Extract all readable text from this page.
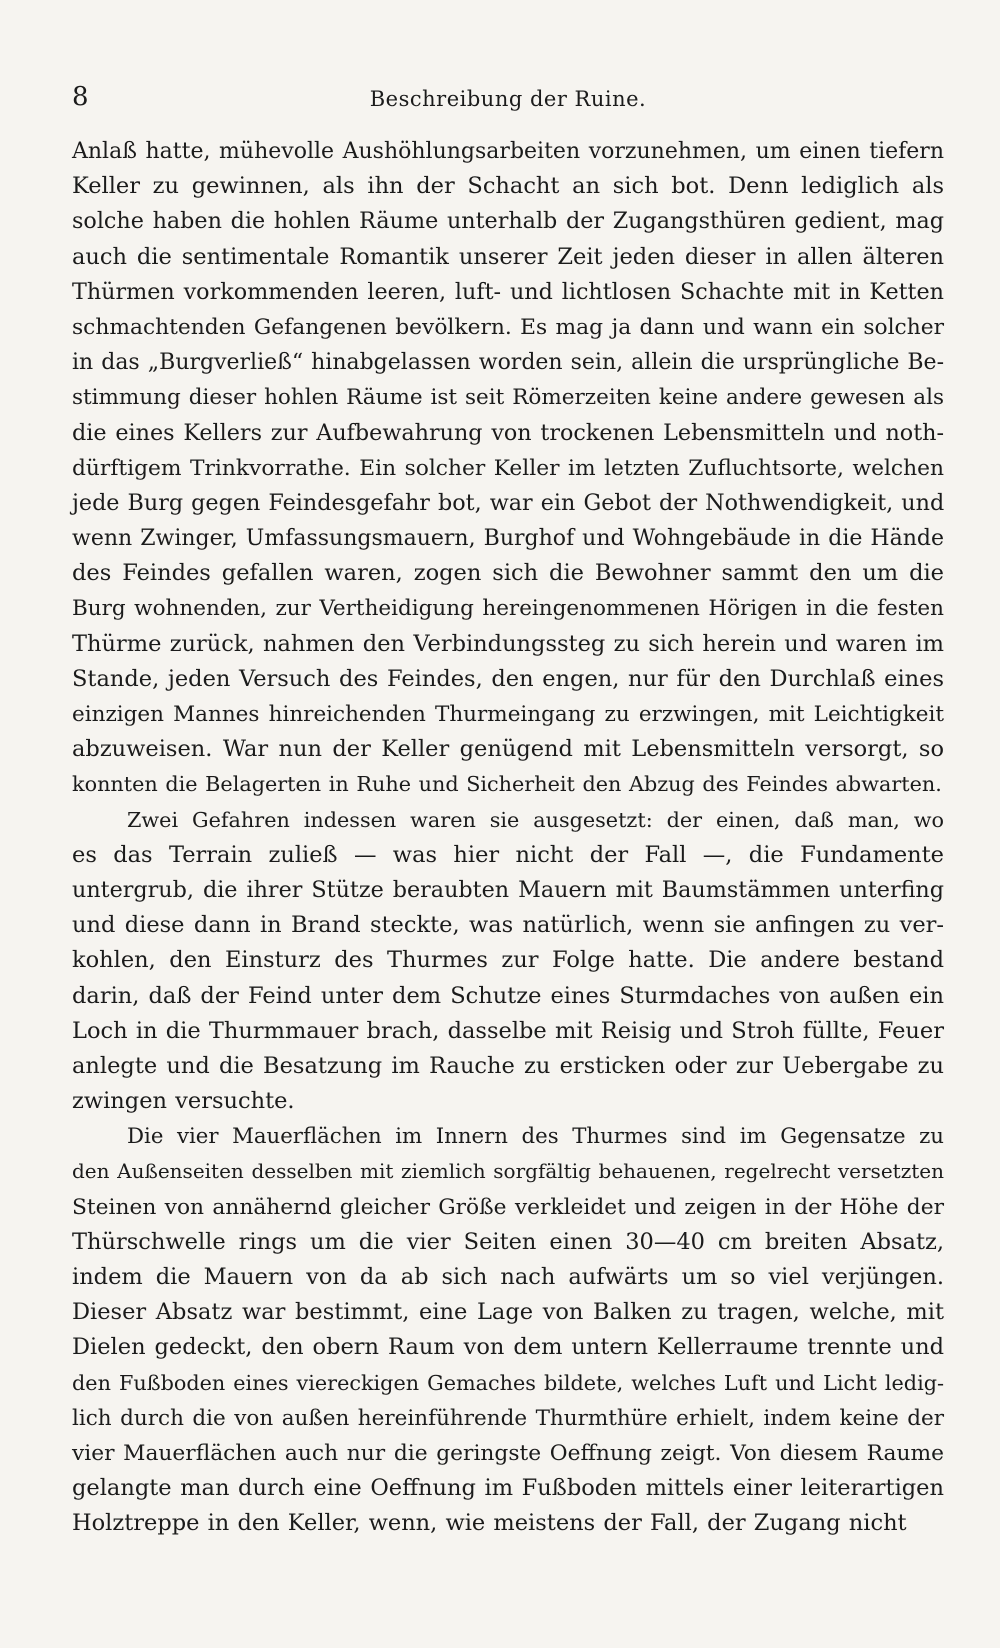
8	Beschreibung der Ruine.
Anlaß hatte, mühevolle Aushöhlungsarbeiten vorzunehmen, um einen tiefern
Keller zu gewinnen, als ihn der Schacht an sich bot. Denn lediglich als
solche haben die hohlen Räume unterhalb der Zugangsthüren gedient, mag
auch die sentimentale Romantik unserer Zeit jeden dieser in allen älteren
Thürmen vorkommenden leeren, luft- und lichtlosen Schachte mit in Ketten
schmachtenden Gefangenen bevölkern. Es mag ja dann und wann ein solcher
in das „Burgverließ“ hinabgelassen worden sein, allein die ursprüngliche Be-
stimmung dieser hohlen Räume ist seit Römerzeiten keine andere gewesen als
die eines Kellers zur Aufbewahrung von trockenen Lebensmitteln und noth-
dürftigem Trinkvorrathe. Ein solcher Keller im letzten Zufluchtsorte, welchen
jede Burg gegen Feindesgefahr bot, war ein Gebot der Nothwendigkeit, und
wenn Zwinger, Umfassungsmauern, Burghof und Wohngebäude in die Hände
des Feindes gefallen waren, zogen sich die Bewohner sammt den um die
Burg wohnenden, zur Vertheidigung hereingenommenen Hörigen in die festen
Thürme zurück, nahmen den Verbindungssteg zu sich herein und waren im
Stande, jeden Versuch des Feindes, den engen, nur für den Durchlaß eines
einzigen Mannes hinreichenden Thurmeingang zu erzwingen, mit Leichtigkeit
abzuweisen. War nun der Keller genügend mit Lebensmitteln versorgt, so
konnten die Belagerten in Ruhe und Sicherheit den Abzug des Feindes abwarten.
Zwei Gefahren indessen waren sie ausgesetzt: der einen, daß man, wo
es das Terrain zuließ — was hier nicht der Fall —, die Fundamente
untergrub, die ihrer Stütze beraubten Mauern mit Baumstämmen unterfing
und diese dann in Brand steckte, was natürlich, wenn sie anfingen zu ver-
kohlen, den Einsturz des Thurmes zur Folge hatte. Die andere bestand
darin, daß der Feind unter dem Schutze eines Sturmdaches von außen ein
Loch in die Thurmmauer brach, dasselbe mit Reisig und Stroh füllte, Feuer
anlegte und die Besatzung im Rauche zu ersticken oder zur Uebergabe zu
zwingen versuchte.
Die vier Mauerflächen im Innern des Thurmes sind im Gegensatze zu
den Außenseiten desselben mit ziemlich sorgfältig behauenen, regelrecht versetzten
Steinen von annähernd gleicher Größe verkleidet und zeigen in der Höhe der
Thürschwelle rings um die vier Seiten einen 30—40 cm breiten Absatz,
indem die Mauern von da ab sich nach aufwärts um so viel verjüngen.
Dieser Absatz war bestimmt, eine Lage von Balken zu tragen, welche, mit
Dielen gedeckt, den obern Raum von dem untern Kellerraume trennte und
den Fußboden eines viereckigen Gemaches bildete, welches Luft und Licht ledig-
lich durch die von außen hereinführende Thurmthüre erhielt, indem keine der
vier Mauerflächen auch nur die geringste Oeffnung zeigt. Von diesem Raume
gelangte man durch eine Oeffnung im Fußboden mittels einer leiterartigen
Holztreppe in den Keller, wenn, wie meistens der Fall, der Zugang nicht
